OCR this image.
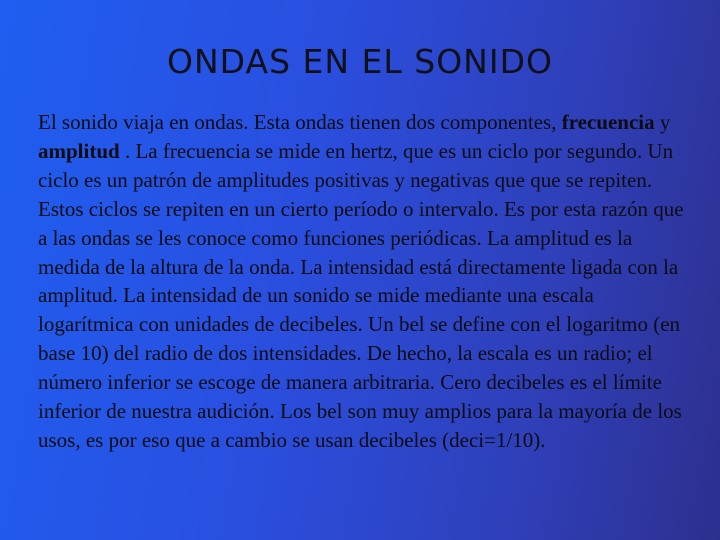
ONDAS EN EL SONIDO

El sonido viaja en ondas. Esta ondas tienen dos componentes, frecuencia y amplitud . La frecuencia se mide en hertz, que es un ciclo por segundo. Un ciclo es un patrón de amplitudes positivas y negativas que que se repiten. Estos ciclos se repiten en un cierto período o intervalo. Es por esta razón que a las ondas se les conoce como funciones periódicas. La amplitud es la medida de la altura de la onda. La intensidad está directamente ligada con la amplitud. La intensidad de un sonido se mide mediante una escala logarítmica con unidades de decibeles. Un bel se define con el logaritmo (en base 10) del radio de dos intensidades. De hecho, la escala es un radio; el número inferior se escoge de manera arbitraria. Cero decibeles es el límite inferior de nuestra audición. Los bel son muy amplios para la mayoría de los usos, es por eso que a cambio se usan decibeles (deci=1/10).
